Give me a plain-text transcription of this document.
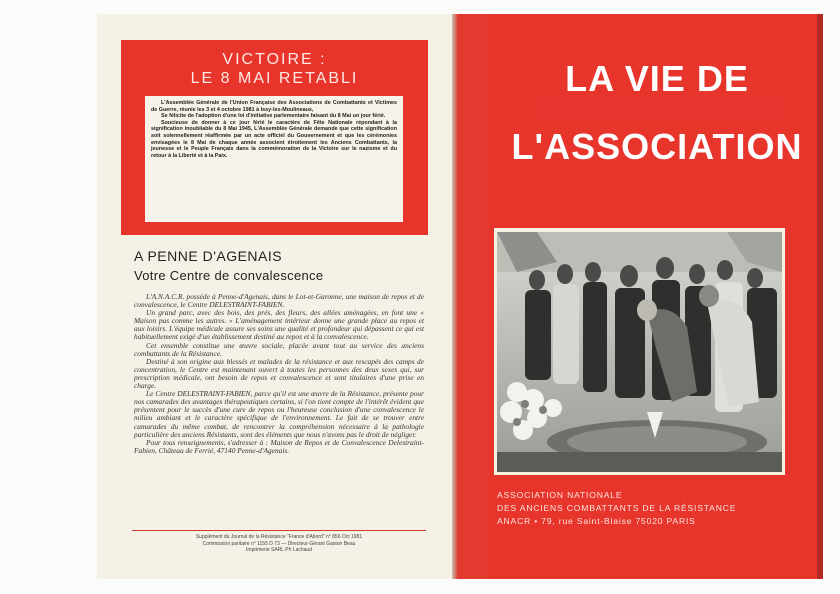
VICTOIRE :
LE 8 MAI RETABLI

L'Assemblée Générale de l'Union Française des Associations de Combattants et Victimes de Guerre, réunie les 3 et 4 octobre 1981 à Issy-les-Moulineaux,

Se félicite de l'adoption d'une loi d'initiative parlementaire faisant du 8 Mai un jour férié.

Soucieuse de donner à ce jour férié le caractère de Fête Nationale répondant à la signification inoubliable du 8 Mai 1945, L'Assemblée Générale demande que cette signification soit solennellement réaffirmée par un acte officiel du Gouvernement et que les cérémonies envisagées le 8 Mai de chaque année associent étroitement les Anciens Combattants, la jeunesse et le Peuple Français dans la commémoration de la Victoire sur le nazisme et du retour à la Liberté et à la Paix.

A PENNE D'AGENAIS
Votre Centre de convalescence

L'A.N.A.C.R. possède à Penne-d'Agenais, dans le Lot-et-Garonne, une maison de repos et de convalescence, le Centre DELESTRAINT-FABIEN.

Un grand parc, avec des bois, des prés, des fleurs, des allées aménagées, en font une « Maison pas comme les autres. » L'aménagement intérieur donne une grande place au repos et aux loisirs. L'équipe médicale assure ses soins une qualité et profondeur qui dépassent ce qui est habituellement exigé d'un établissement destiné au repos et à la convalescence.

Cet ensemble constitue une œuvre sociale, placée avant tout au service des anciens combattants de la Résistance.

Destiné à son origine aux blessés et malades de la résistance et aux rescapés des camps de concentration, le Centre est maintenant ouvert à toutes les personnes des deux sexes qui, sur prescription médicale, ont besoin de repos et convalescence et sont titulaires d'une prise en charge.

Le Centre DELESTRAINT-FABIEN, parce qu'il est une œuvre de la Résistance, présente pour nos camarades des avantages thérapeutiques certains, si l'on tient compte de l'intérêt évident que présentent pour le succès d'une cure de repos ou l'heureuse conclusion d'une convalescence le milieu ambiant et le caractère spécifique de l'environnement. Le fait de se trouver entre camarades du même combat, de rencontrer la compréhension nécessaire à la pathologie particulière des anciens Résistants, sont des éléments que nous n'avons pas le droit de négliger.

Pour tous renseignements, s'adresser à : Maison de Repos et de Convalescence Delestraint-Fabien, Château de Ferrié, 47140 Penne-d'Agenais.

Supplément du Journal de la Résistance "France d'Abord" n° 856 Oct 1981
Commission paritaire n° 1155 D 73 — Directeur-Gérant Gaston Beau
Imprimerie SARL Ph Lachaud
LA VIE DE
L'ASSOCIATION
ASSOCIATION NATIONALE
DES ANCIENS COMBATTANTS DE LA RÉSISTANCE
ANACR • 79, rue Saint-Blaise 75020 PARIS
